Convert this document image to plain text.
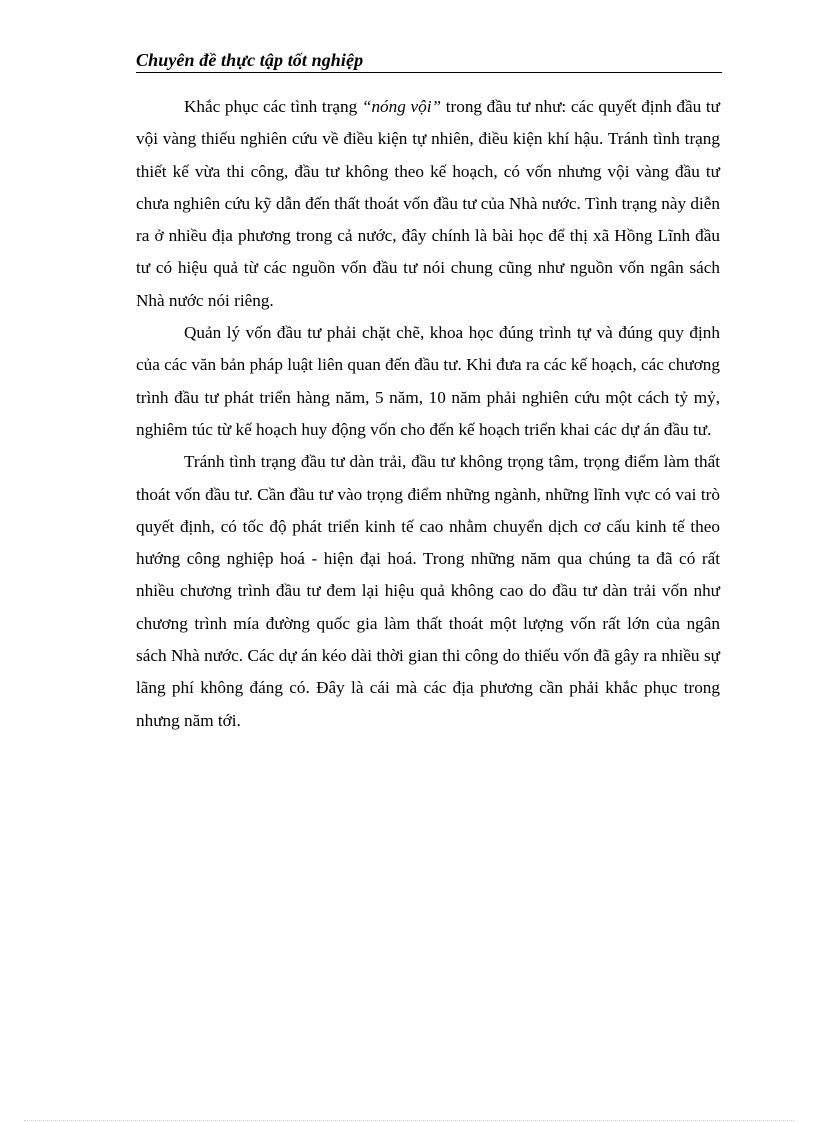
Chuyên đề thực tập tốt nghiệp

Khắc phục các tình trạng “nóng vội” trong đầu tư như: các quyết định đầu tư vội vàng thiếu nghiên cứu về điều kiện tự nhiên, điều kiện khí hậu. Tránh tình trạng thiết kế vừa thi công, đầu tư không theo kế hoạch, có vốn nhưng vội vàng đầu tư chưa nghiên cứu kỹ dẫn đến thất thoát vốn đầu tư của Nhà nước. Tình trạng này diễn ra ở nhiều địa phương trong cả nước, đây chính là bài học để thị xã Hồng Lĩnh đầu tư có hiệu quả từ các nguồn vốn đầu tư nói chung cũng như nguồn vốn ngân sách Nhà nước nói riêng.

Quản lý vốn đầu tư phải chặt chẽ, khoa học đúng trình tự và đúng quy định của các văn bản pháp luật liên quan đến đầu tư. Khi đưa ra các kế hoạch, các chương trình đầu tư phát triển hàng năm, 5 năm, 10 năm phải nghiên cứu một cách tỷ mỷ, nghiêm túc từ kế hoạch huy động vốn cho đến kế hoạch triển khai các dự án đầu tư.

Tránh tình trạng đầu tư dàn trải, đầu tư không trọng tâm, trọng điểm làm thất thoát vốn đầu tư. Cần đầu tư vào trọng điểm những ngành, những lĩnh vực có vai trò quyết định, có tốc độ phát triển kinh tế cao nhằm chuyển dịch cơ cấu kinh tế theo hướng công nghiệp hoá - hiện đại hoá. Trong những năm qua chúng ta đã có rất nhiều chương trình đầu tư đem lại hiệu quả không cao do đầu tư dàn trải vốn như chương trình mía đường quốc gia làm thất thoát một lượng vốn rất lớn của ngân sách Nhà nước. Các dự án kéo dài thời gian thi công do thiếu vốn đã gây ra nhiều sự lãng phí không đáng có. Đây là cái mà các địa phương cần phải khắc phục trong nhưng năm tới.
